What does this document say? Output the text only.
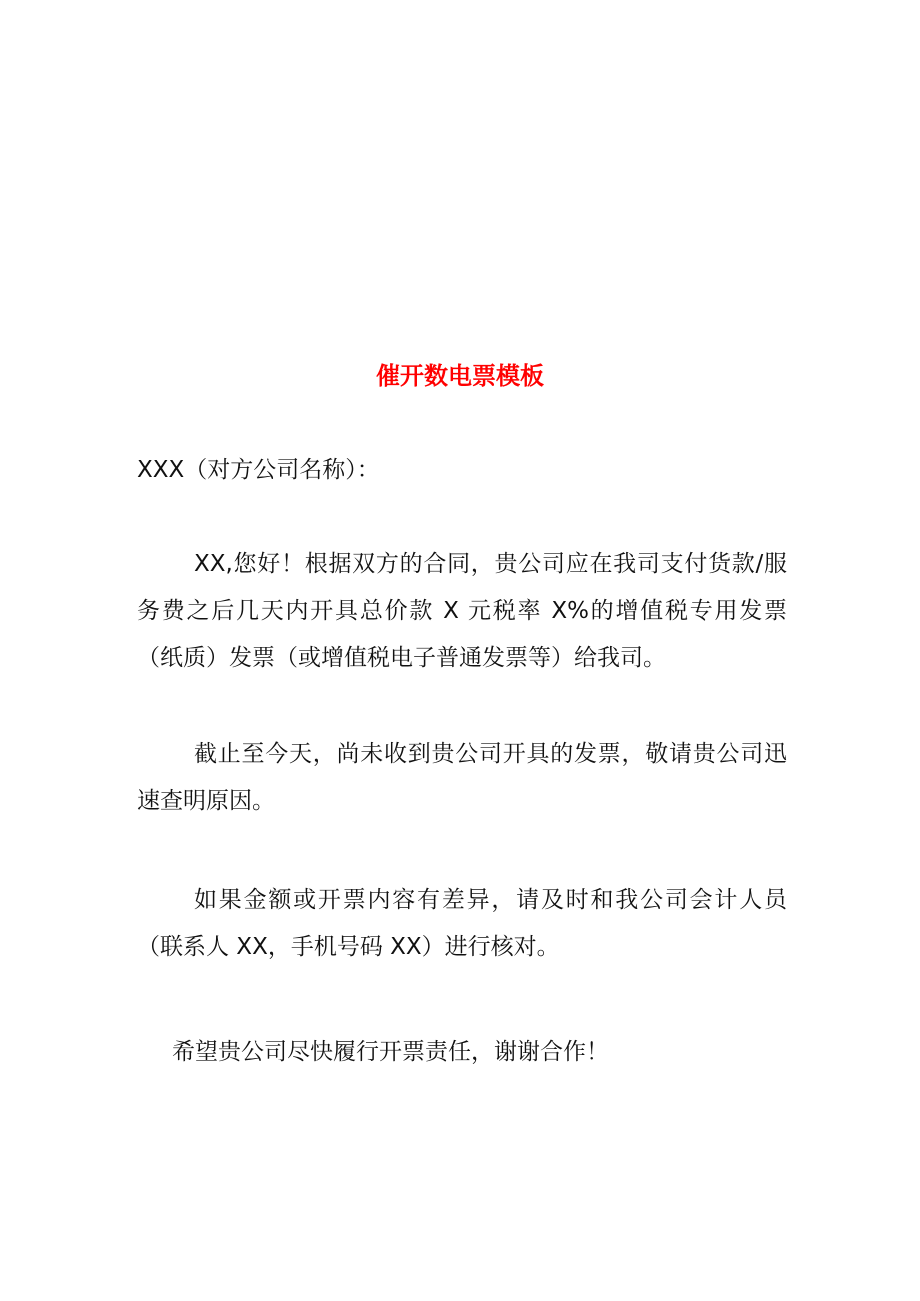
催开数电票模板

XXX（对方公司名称）：

XX,您好！根据双方的合同，贵公司应在我司支付货款/服务费之后几天内开具总价款 X 元税率 X%的增值税专用发票（纸质）发票（或增值税电子普通发票等）给我司。

截止至今天，尚未收到贵公司开具的发票，敬请贵公司迅速查明原因。

如果金额或开票内容有差异，请及时和我公司会计人员（联系人 XX，手机号码 XX）进行核对。

希望贵公司尽快履行开票责任，谢谢合作！
